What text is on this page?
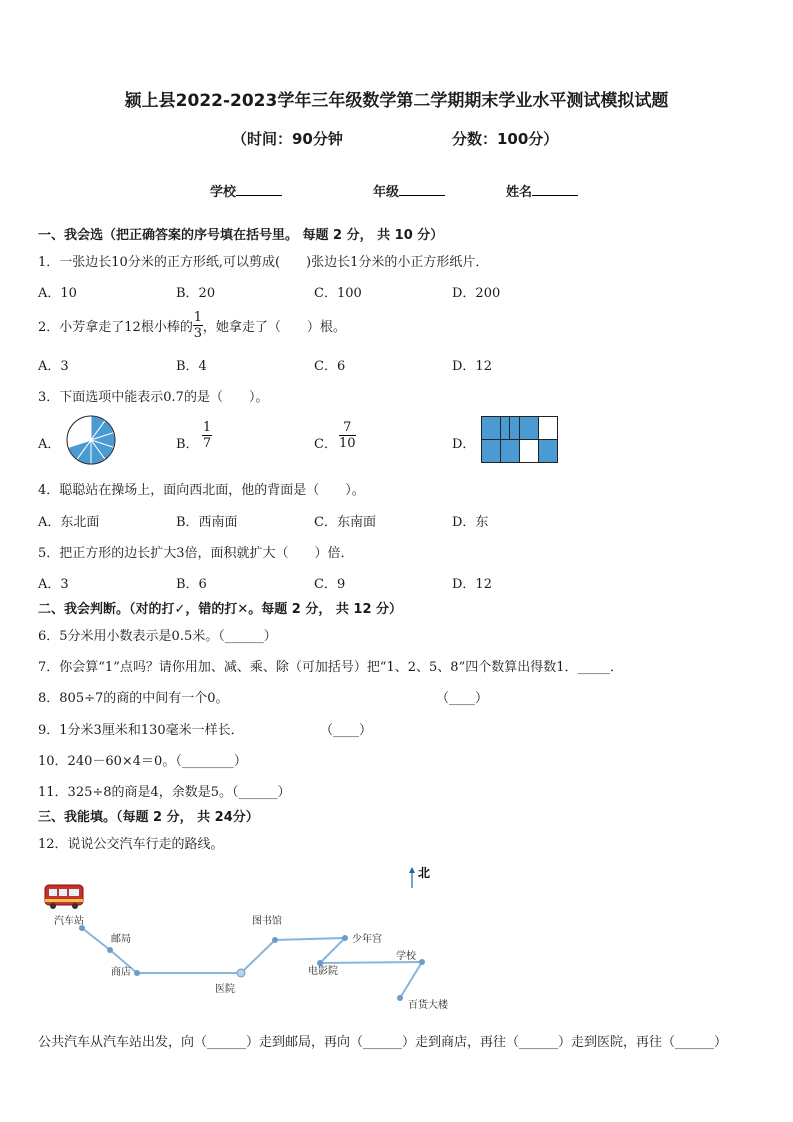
颍上县2022-2023学年三年级数学第二学期期末学业水平测试模拟试题
（时间：90分钟	分数：100分）
学校	年级	姓名
一、我会选（把正确答案的序号填在括号里。 每题 2 分， 共 10 分）
1．一张边长10分米的正方形纸,可以剪成(　　)张边长1分米的小正方形纸片．
A．10	B．20	C．100	D．200
2．小芳拿走了12根小棒的 $\frac{1}{3}$ ，她拿走了（　　）根。
A．3	B．4	C．6	D．12
3．下面选项中能表示0.7的是（　　）。
A．	B．
1
7	C．
7
10	D．
4．聪聪站在操场上，面向西北面，他的背面是（　　）。
A．东北面	B．西南面	C．东南面	D．东
5．把正方形的边长扩大3倍，面积就扩大（　　）倍．
A．3	B．6	C．9	D．12
二、我会判断。（对的打✓，错的打✕。每题 2 分， 共 12 分）
6．5分米用小数表示是0.5米。（______）
7．你会算“1”点吗？请你用加、减、乘、除（可加括号）把“1、2、5、8”四个数算出得数1．_____．
8．805÷7的商的中间有一个0。	（____）
9．1分米3厘米和130毫米一样长．	（____）
10．240－60×4＝0。（________）
11．325÷8的商是4，余数是5。（______）
三、我能填。（每题 2 分， 共 24分）
12．说说公交汽车行走的路线。
北
汽车站
邮局
商店
医院
图书馆
少年宫
电影院
学校
百货大楼
公共汽车从汽车站出发，向（______）走到邮局，再向（______）走到商店，再往（______）走到医院，再往（______）
